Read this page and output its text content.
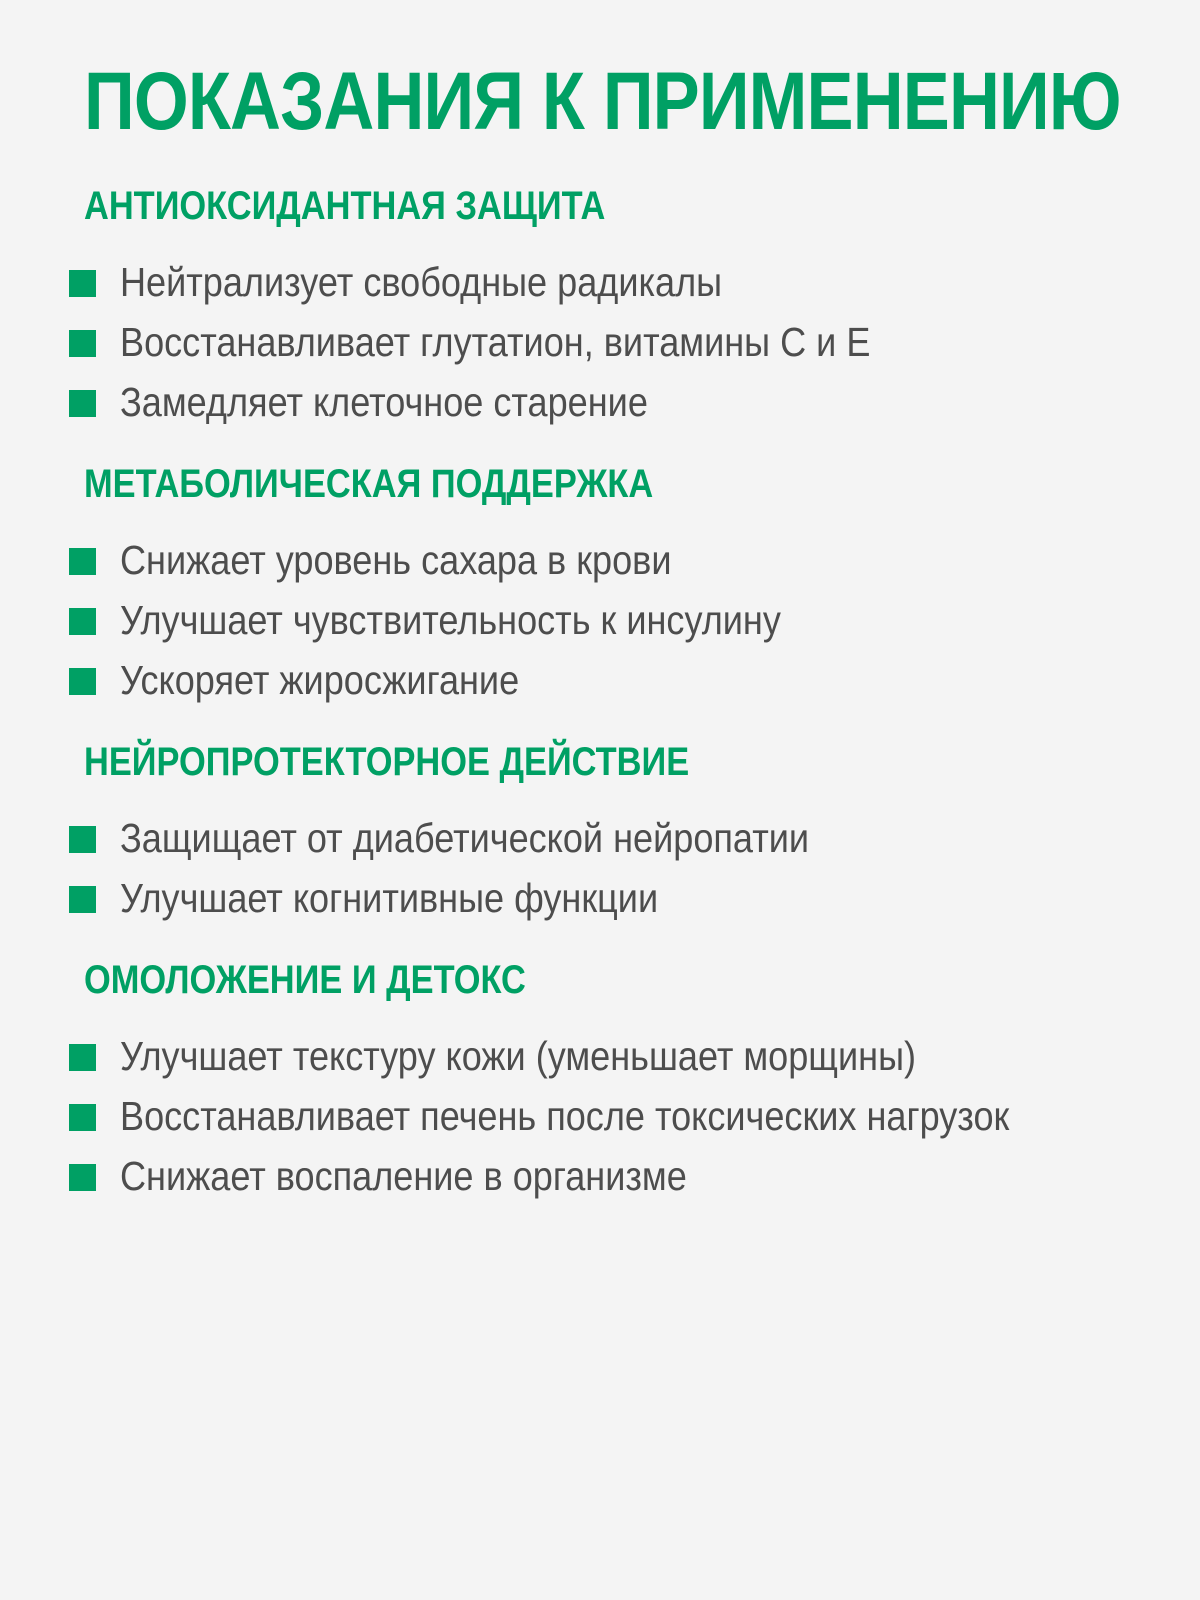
ПОКАЗАНИЯ К ПРИМЕНЕНИЮ
АНТИОКСИДАНТНАЯ ЗАЩИТА
Нейтрализует свободные радикалы
Восстанавливает глутатион, витамины С и Е
Замедляет клеточное старение
МЕТАБОЛИЧЕСКАЯ ПОДДЕРЖКА
Снижает уровень сахара в крови
Улучшает чувствительность к инсулину
Ускоряет жиросжигание
НЕЙРОПРОТЕКТОРНОЕ ДЕЙСТВИЕ
Защищает от диабетической нейропатии
Улучшает когнитивные функции
ОМОЛОЖЕНИЕ И ДЕТОКС
Улучшает текстуру кожи (уменьшает морщины)
Восстанавливает печень после токсических нагрузок
Снижает воспаление в организме
